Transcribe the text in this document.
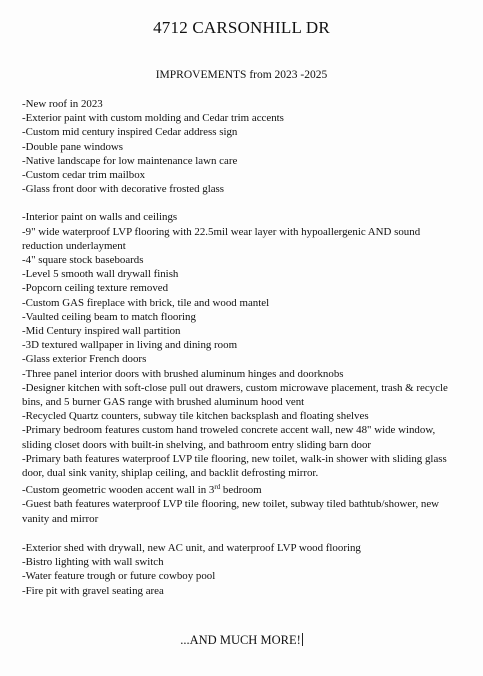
4712 CARSONHILL DR
IMPROVEMENTS from 2023 -2025

-New roof in 2023

-Exterior paint with custom molding and Cedar trim accents

-Custom mid century inspired Cedar address sign

-Double pane windows

-Native landscape for low maintenance lawn care

-Custom cedar trim mailbox

-Glass front door with decorative frosted glass

-Interior paint on walls and ceilings

-9" wide waterproof LVP flooring with 22.5mil wear layer with hypoallergenic AND sound reduction underlayment

-4" square stock baseboards

-Level 5 smooth wall drywall finish

-Popcorn ceiling texture removed

-Custom GAS fireplace with brick, tile and wood mantel

-Vaulted ceiling beam to match flooring

-Mid Century inspired wall partition

-3D textured wallpaper in living and dining room

-Glass exterior French doors

-Three panel interior doors with brushed aluminum hinges and doorknobs

-Designer kitchen with soft-close pull out drawers, custom microwave placement, trash & recycle bins, and 5 burner GAS range with brushed aluminum hood vent

-Recycled Quartz counters, subway tile kitchen backsplash and floating shelves

-Primary bedroom features custom hand troweled concrete accent wall, new 48" wide window, sliding closet doors with built-in shelving, and bathroom entry sliding barn door

-Primary bath features waterproof LVP tile flooring, new toilet, walk-in shower with sliding glass door, dual sink vanity, shiplap ceiling, and backlit defrosting mirror.

-Custom geometric wooden accent wall in 3rd bedroom

-Guest bath features waterproof LVP tile flooring, new toilet, subway tiled bathtub/shower, new vanity and mirror

-Exterior shed with drywall, new AC unit, and waterproof LVP wood flooring

-Bistro lighting with wall switch

-Water feature trough or future cowboy pool

-Fire pit with gravel seating area

...AND MUCH MORE!
